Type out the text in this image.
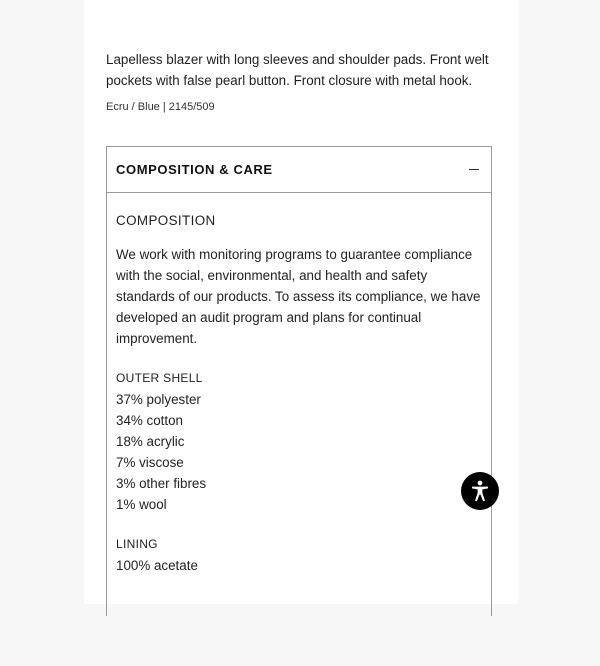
Lapelless blazer with long sleeves and shoulder pads. Front welt pockets with false pearl button. Front closure with metal hook.

Ecru / Blue | 2145/509

COMPOSITION & CARE
COMPOSITION

We work with monitoring programs to guarantee compliance with the social, environmental, and health and safety standards of our products. To assess its compliance, we have developed an audit program and plans for continual improvement.

OUTER SHELL
37% polyester
34% cotton
18% acrylic
7% viscose
3% other fibres
1% wool
LINING
100% acetate
